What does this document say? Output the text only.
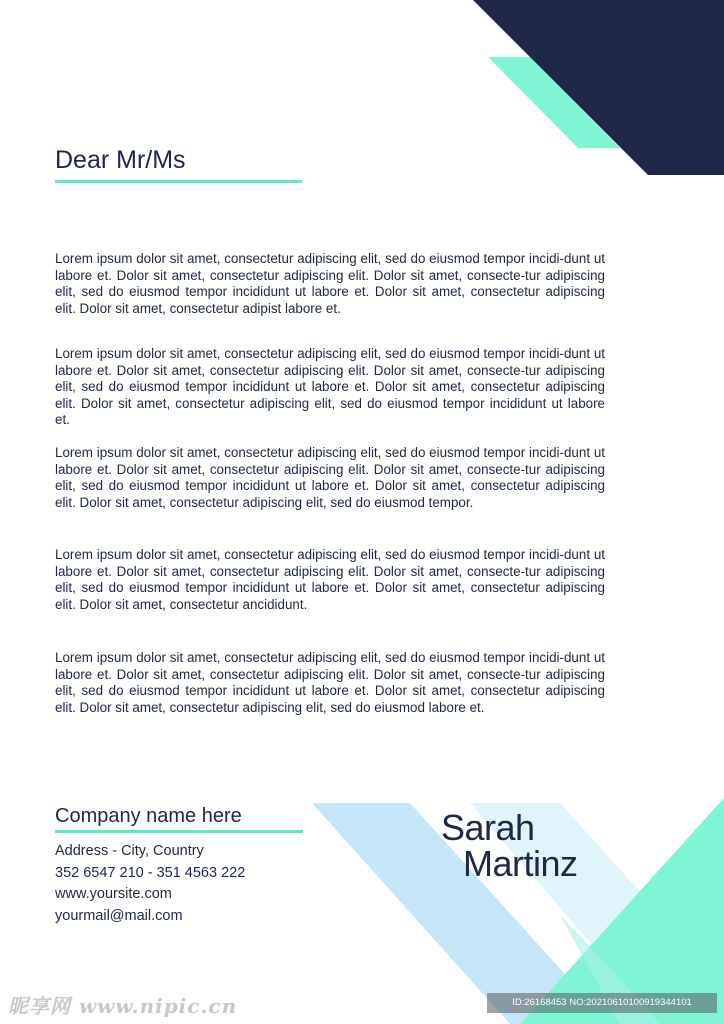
Dear Mr/Ms

Lorem ipsum dolor sit amet, consectetur adipiscing elit, sed do eiusmod tempor incidi-dunt ut labore et. Dolor sit amet, consectetur adipiscing elit. Dolor sit amet, consecte-tur adipiscing elit, sed do eiusmod tempor incididunt ut labore et. Dolor sit amet, consectetur adipiscing elit. Dolor sit amet, consectetur adipist labore et.

Lorem ipsum dolor sit amet, consectetur adipiscing elit, sed do eiusmod tempor incidi-dunt ut labore et. Dolor sit amet, consectetur adipiscing elit. Dolor sit amet, consecte-tur adipiscing elit, sed do eiusmod tempor incididunt ut labore et. Dolor sit amet, consectetur adipiscing elit. Dolor sit amet, consectetur adipiscing elit, sed do eiusmod tempor incididunt ut labore et.

Lorem ipsum dolor sit amet, consectetur adipiscing elit, sed do eiusmod tempor incidi-dunt ut labore et. Dolor sit amet, consectetur adipiscing elit. Dolor sit amet, consecte-tur adipiscing elit, sed do eiusmod tempor incididunt ut labore et. Dolor sit amet, consectetur adipiscing elit. Dolor sit amet, consectetur adipiscing elit, sed do eiusmod tempor.

Lorem ipsum dolor sit amet, consectetur adipiscing elit, sed do eiusmod tempor incidi-dunt ut labore et. Dolor sit amet, consectetur adipiscing elit. Dolor sit amet, consecte-tur adipiscing elit, sed do eiusmod tempor incididunt ut labore et. Dolor sit amet, consectetur adipiscing elit. Dolor sit amet, consectetur ancididunt.

Lorem ipsum dolor sit amet, consectetur adipiscing elit, sed do eiusmod tempor incidi-dunt ut labore et. Dolor sit amet, consectetur adipiscing elit. Dolor sit amet, consecte-tur adipiscing elit, sed do eiusmod tempor incididunt ut labore et. Dolor sit amet, consectetur adipiscing elit. Dolor sit amet, consectetur adipiscing elit, sed do eiusmod labore et.

Company name here
Address - City, Country
352 6547 210 - 351 4563 222
www.yoursite.com
yourmail@mail.com
Sarah
Martinz
昵享网 www.nipic.cn	ID:26168453 NO:20210610100919344101
